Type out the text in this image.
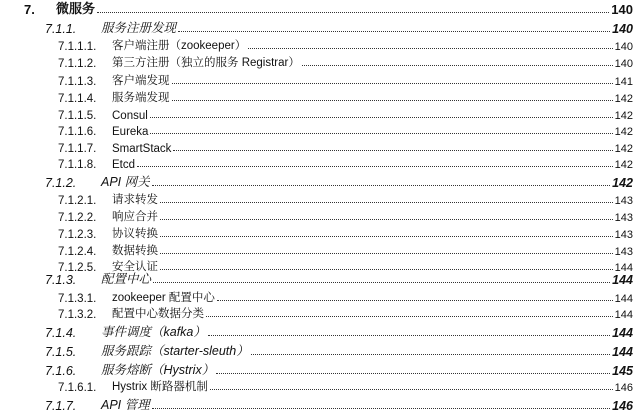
7.	微服务	140
7.1.1.	服务注册发现	140
7.1.1.1.	客户端注册（zookeeper）	140
7.1.1.2.	第三方注册（独立的服务 Registrar）	140
7.1.1.3.	客户端发现	141
7.1.1.4.	服务端发现	142
7.1.1.5.	Consul	142
7.1.1.6.	Eureka	142
7.1.1.7.	SmartStack	142
7.1.1.8.	Etcd	142
7.1.2.	API 网关	142
7.1.2.1.	请求转发	143
7.1.2.2.	响应合并	143
7.1.2.3.	协议转换	143
7.1.2.4.	数据转换	143
7.1.2.5.	安全认证	144
7.1.3.	配置中心	144
7.1.3.1.	zookeeper 配置中心	144
7.1.3.2.	配置中心数据分类	144
7.1.4.	事件调度（kafka）	144
7.1.5.	服务跟踪（starter-sleuth）	144
7.1.6.	服务熔断（Hystrix）	145
7.1.6.1.	Hystrix 断路器机制	146
7.1.7.	API 管理	146
